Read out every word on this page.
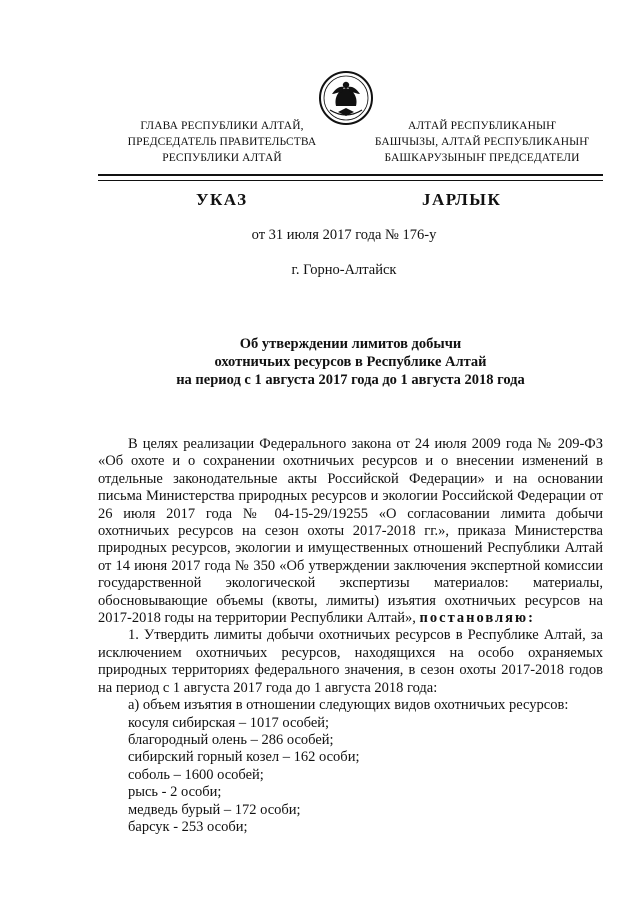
ГЛАВА РЕСПУБЛИКИ АЛТАЙ,
ПРЕДСЕДАТЕЛЬ ПРАВИТЕЛЬСТВА
РЕСПУБЛИКИ АЛТАЙ
АЛТАЙ РЕСПУБЛИКАНЫҤ
БАШЧЫЗЫ, АЛТАЙ РЕСПУБЛИКАНЫҤ
БАШКАРУЗЫНЫҤ ПРЕДСЕДАТЕЛИ
УКАЗ	JАРЛЫК
от 31 июля 2017 года № 176-у
г. Горно-Алтайск
Об утверждении лимитов добычи
охотничьих ресурсов в Республике Алтай
на период с 1 августа 2017 года до 1 августа 2018 года

В целях реализации Федерального закона от 24 июля 2009 года № 209-ФЗ «Об охоте и о сохранении охотничьих ресурсов и о внесении изменений в отдельные законодательные акты Российской Федерации» и на основании письма Министерства природных ресурсов и экологии Российской Федерации от 26 июля 2017 года № 04-15-29/19255 «О согласовании лимита добычи охотничьих ресурсов на сезон охоты 2017-2018 гг.», приказа Министерства природных ресурсов, экологии и имущественных отношений Республики Алтай от 14 июня 2017 года № 350 «Об утверждении заключения экспертной комиссии государственной экологической экспертизы материалов: материалы, обосновывающие объемы (квоты, лимиты) изъятия охотничьих ресурсов на 2017-2018 годы на территории Республики Алтай», постановляю:

1. Утвердить лимиты добычи охотничьих ресурсов в Республике Алтай, за исключением охотничьих ресурсов, находящихся на особо охраняемых природных территориях федерального значения, в сезон охоты 2017-2018 годов на период с 1 августа 2017 года до 1 августа 2018 года:

а) объем изъятия в отношении следующих видов охотничьих ресурсов:

косуля сибирская – 1017 особей;

благородный олень – 286 особей;

сибирский горный козел – 162 особи;

соболь – 1600 особей;

рысь - 2 особи;

медведь бурый – 172 особи;

барсук - 253 особи;
